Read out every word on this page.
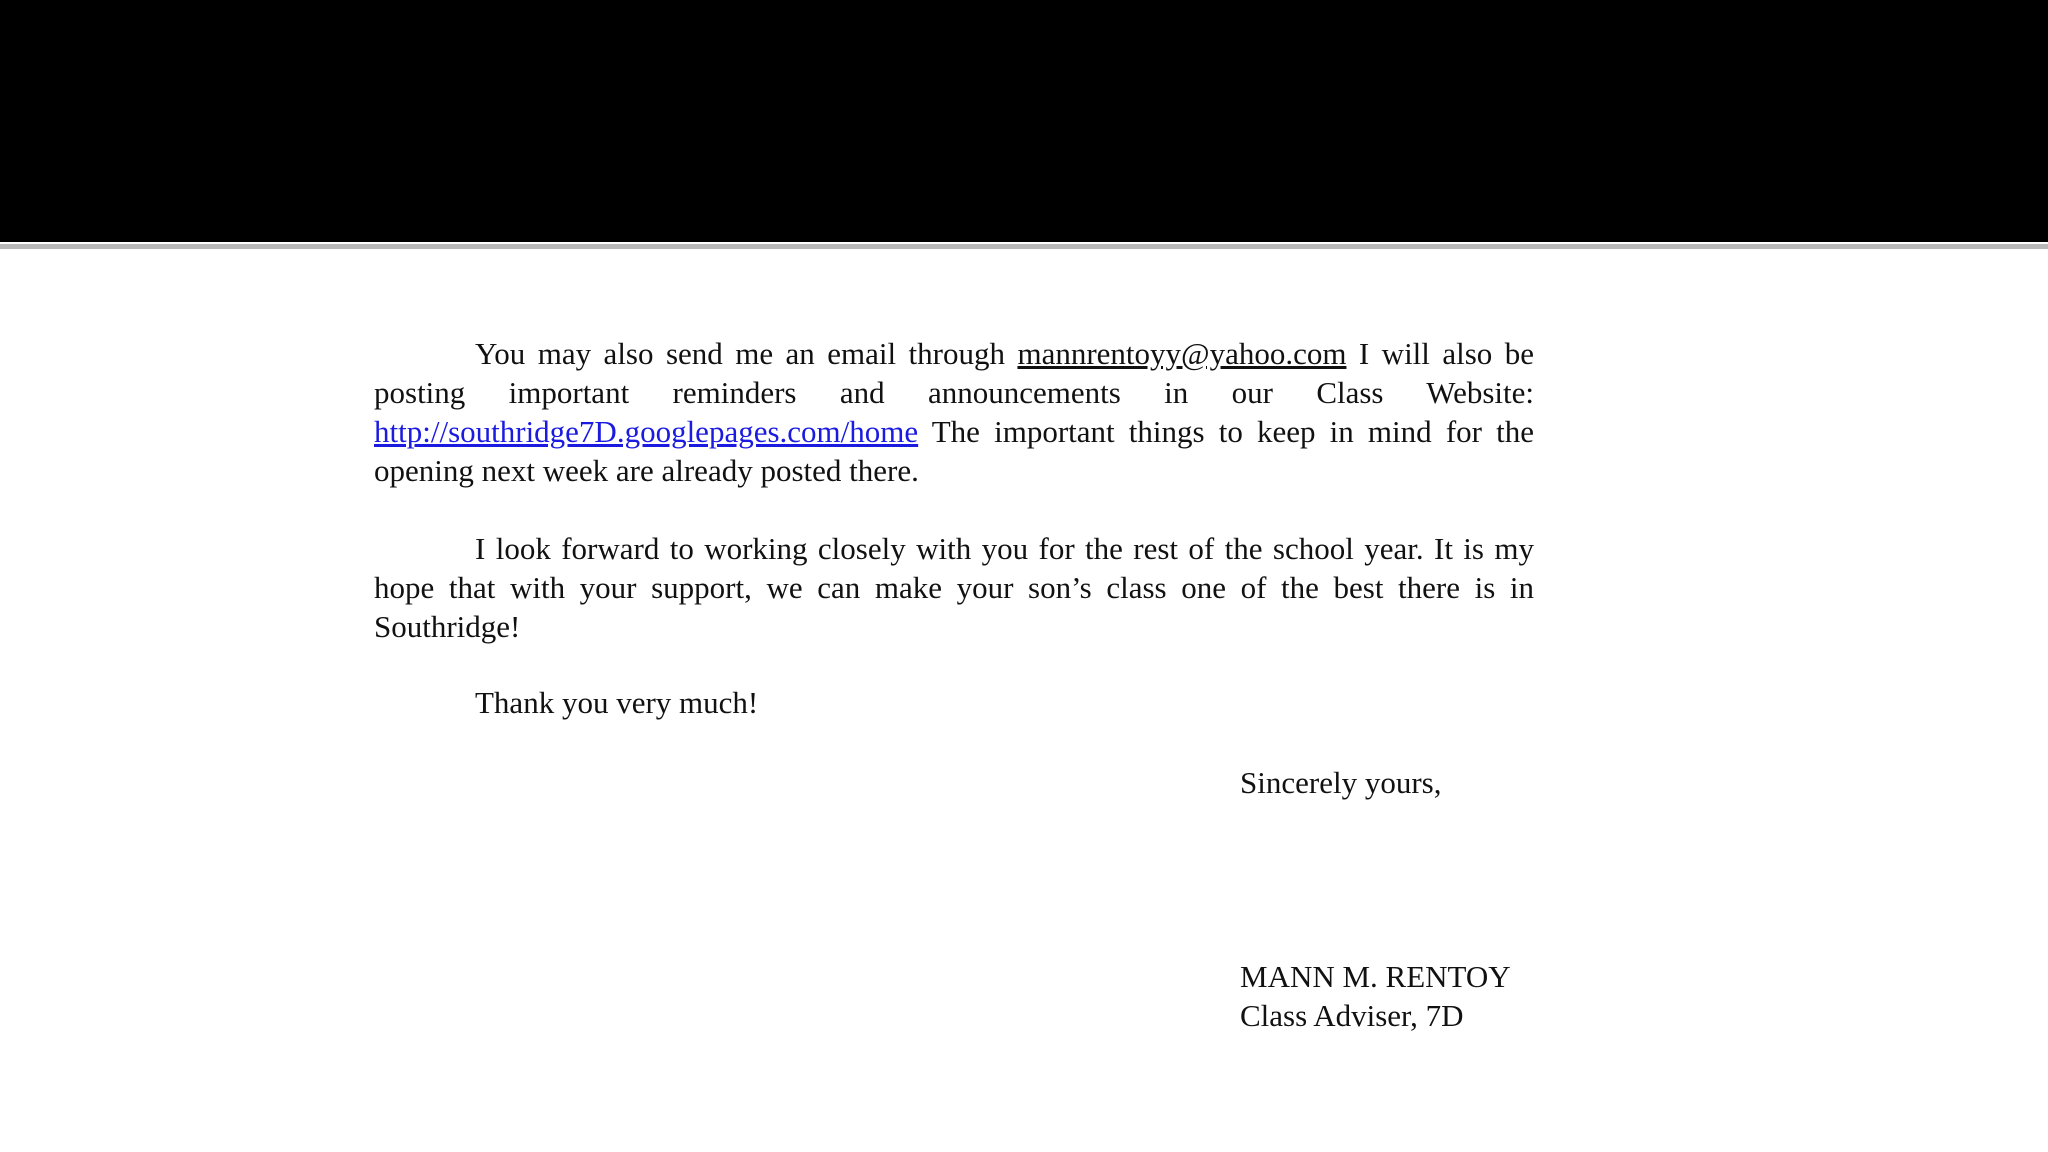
You may also send me an email through mannrentoyy@yahoo.com I will also be posting important reminders and announcements in our Class Website: http://southridge7D.googlepages.com/home The important things to keep in mind for the opening next week are already posted there.

I look forward to working closely with you for the rest of the school year. It is my hope that with your support, we can make your son’s class one of the best there is in Southridge!

Thank you very much!

Sincerely yours,
MANN M. RENTOY
Class Adviser, 7D
